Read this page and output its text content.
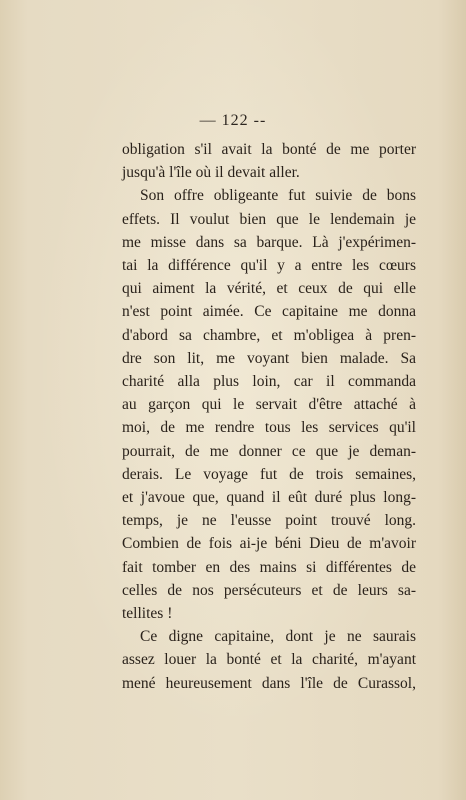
— 122 --
obligation s'il avait la bonté de me porter
jusqu'à l'île où il devait aller.
Son offre obligeante fut suivie de bons
effets. Il voulut bien que le lendemain je
me misse dans sa barque. Là j'expérimen-
tai la différence qu'il y a entre les cœurs
qui aiment la vérité, et ceux de qui elle
n'est point aimée. Ce capitaine me donna
d'abord sa chambre, et m'obligea à pren-
dre son lit, me voyant bien malade. Sa
charité alla plus loin, car il commanda
au garçon qui le servait d'être attaché à
moi, de me rendre tous les services qu'il
pourrait, de me donner ce que je deman-
derais. Le voyage fut de trois semaines,
et j'avoue que, quand il eût duré plus long-
temps, je ne l'eusse point trouvé long.
Combien de fois ai-je béni Dieu de m'avoir
fait tomber en des mains si différentes de
celles de nos persécuteurs et de leurs sa-
tellites !
Ce digne capitaine, dont je ne saurais
assez louer la bonté et la charité, m'ayant
mené heureusement dans l'île de Curassol,
